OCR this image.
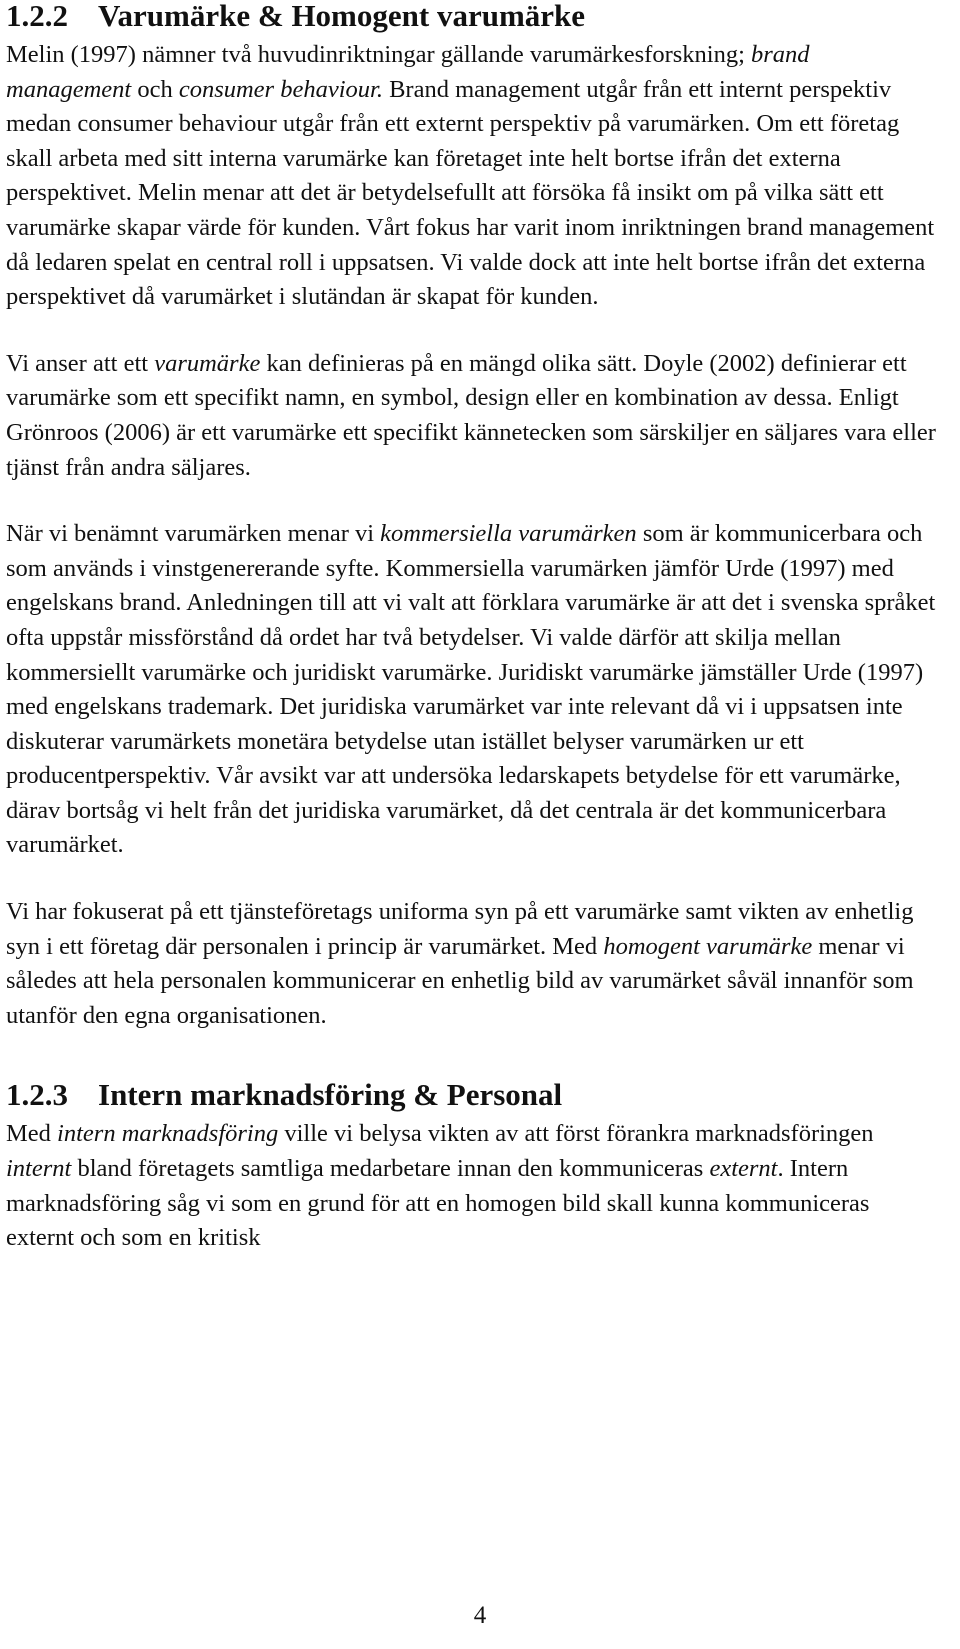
1.2.2 Varumärke & Homogent varumärke

Melin (1997) nämner två huvudinriktningar gällande varumärkesforskning; brand management och consumer behaviour. Brand management utgår från ett internt perspektiv medan consumer behaviour utgår från ett externt perspektiv på varumärken. Om ett företag skall arbeta med sitt interna varumärke kan företaget inte helt bortse ifrån det externa perspektivet. Melin menar att det är betydelsefullt att försöka få insikt om på vilka sätt ett varumärke skapar värde för kunden. Vårt fokus har varit inom inriktningen brand management då ledaren spelat en central roll i uppsatsen. Vi valde dock att inte helt bortse ifrån det externa perspektivet då varumärket i slutändan är skapat för kunden.

Vi anser att ett varumärke kan definieras på en mängd olika sätt. Doyle (2002) definierar ett varumärke som ett specifikt namn, en symbol, design eller en kombination av dessa. Enligt Grönroos (2006) är ett varumärke ett specifikt kännetecken som särskiljer en säljares vara eller tjänst från andra säljares.

När vi benämnt varumärken menar vi kommersiella varumärken som är kommunicerbara och som används i vinstgenererande syfte. Kommersiella varumärken jämför Urde (1997) med engelskans brand. Anledningen till att vi valt att förklara varumärke är att det i svenska språket ofta uppstår missförstånd då ordet har två betydelser. Vi valde därför att skilja mellan kommersiellt varumärke och juridiskt varumärke. Juridiskt varumärke jämställer Urde (1997) med engelskans trademark. Det juridiska varumärket var inte relevant då vi i uppsatsen inte diskuterar varumärkets monetära betydelse utan istället belyser varumärken ur ett producentperspektiv. Vår avsikt var att undersöka ledarskapets betydelse för ett varumärke, därav bortsåg vi helt från det juridiska varumärket, då det centrala är det kommunicerbara varumärket.

Vi har fokuserat på ett tjänsteföretags uniforma syn på ett varumärke samt vikten av enhetlig syn i ett företag där personalen i princip är varumärket. Med homogent varumärke menar vi således att hela personalen kommunicerar en enhetlig bild av varumärket såväl innanför som utanför den egna organisationen.

1.2.3 Intern marknadsföring & Personal

Med intern marknadsföring ville vi belysa vikten av att först förankra marknadsföringen internt bland företagets samtliga medarbetare innan den kommuniceras externt. Intern marknadsföring såg vi som en grund för att en homogen bild skall kunna kommuniceras externt och som en kritisk

4
